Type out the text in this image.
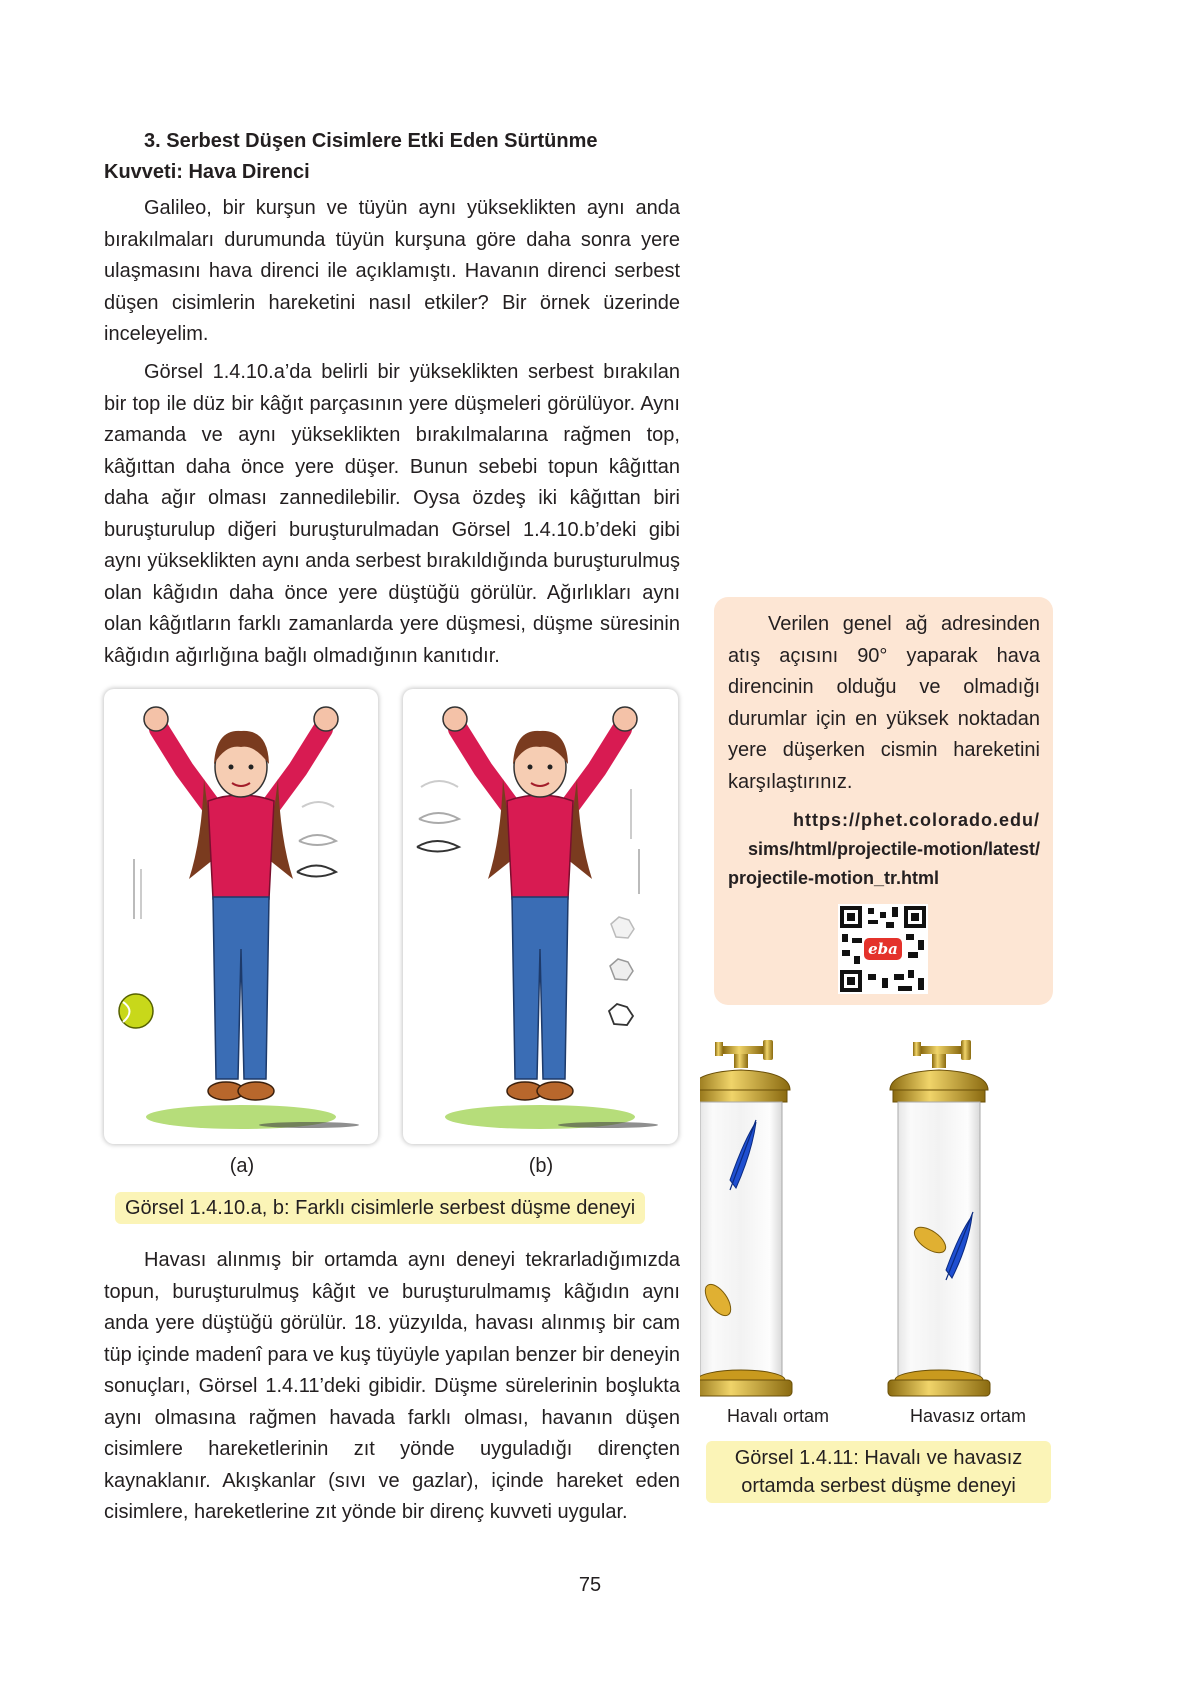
3. Serbest Düşen Cisimlere Etki Eden Sürtünme
Kuvveti: Hava Direnci

Galileo, bir kurşun ve tüyün aynı yükseklikten aynı anda bırakılmaları durumunda tüyün kurşuna göre daha sonra yere ulaşmasını hava direnci ile açıklamıştı. Havanın direnci serbest düşen cisimlerin hareketini nasıl etkiler? Bir örnek üzerinde inceleyelim.

Görsel 1.4.10.a’da belirli bir yükseklikten serbest bırakılan bir top ile düz bir kâğıt parçasının yere düşmeleri görülüyor. Aynı zamanda ve aynı yükseklikten bırakılmalarına rağmen top, kâğıttan daha önce yere düşer. Bunun sebebi topun kâğıttan daha ağır olması zannedilebilir. Oysa özdeş iki kâğıttan biri buruşturulup diğeri buruşturulmadan Görsel 1.4.10.b’deki gibi aynı yükseklikten aynı anda serbest bırakıldığında buruşturulmuş olan kâğıdın daha önce yere düştüğü görülür. Ağırlıkları aynı olan kâğıtların farklı zamanlarda yere düşmesi, düşme süresinin kâğıdın ağırlığına bağlı olmadığının kanıtıdır.

(a)	(b)
Görsel 1.4.10.a, b: Farklı cisimlerle serbest düşme deneyi

Havası alınmış bir ortamda aynı deneyi tekrarladığımızda topun, buruşturulmuş kâğıt ve buruşturulmamış kâğıdın aynı anda yere düştüğü görülür. 18. yüzyılda, havası alınmış bir cam tüp içinde madenî para ve kuş tüyüyle yapılan benzer bir deneyin sonuçları, Görsel 1.4.11’deki gibidir. Düşme sürelerinin boşlukta aynı olmasına rağmen havada farklı olması, havanın düşen cisimlere hareketlerinin zıt yönde uyguladığı dirençten kaynaklanır. Akışkanlar (sıvı ve gazlar), içinde hareket eden cisimlere, hareketlerine zıt yönde bir direnç kuvveti uygular.

Verilen genel ağ adresinden atış açısını 90° yaparak hava direncinin olduğu ve olmadığı durumlar için en yüksek noktadan yere düşerken cismin hareketini karşılaştırınız.

https://phet.colorado.edu/
sims/html/projectile-motion/latest/
projectile-motion_tr.html
eba
Havalı ortam	Havasız ortam
Görsel 1.4.11: Havalı ve havasız
ortamda serbest düşme deneyi
75
